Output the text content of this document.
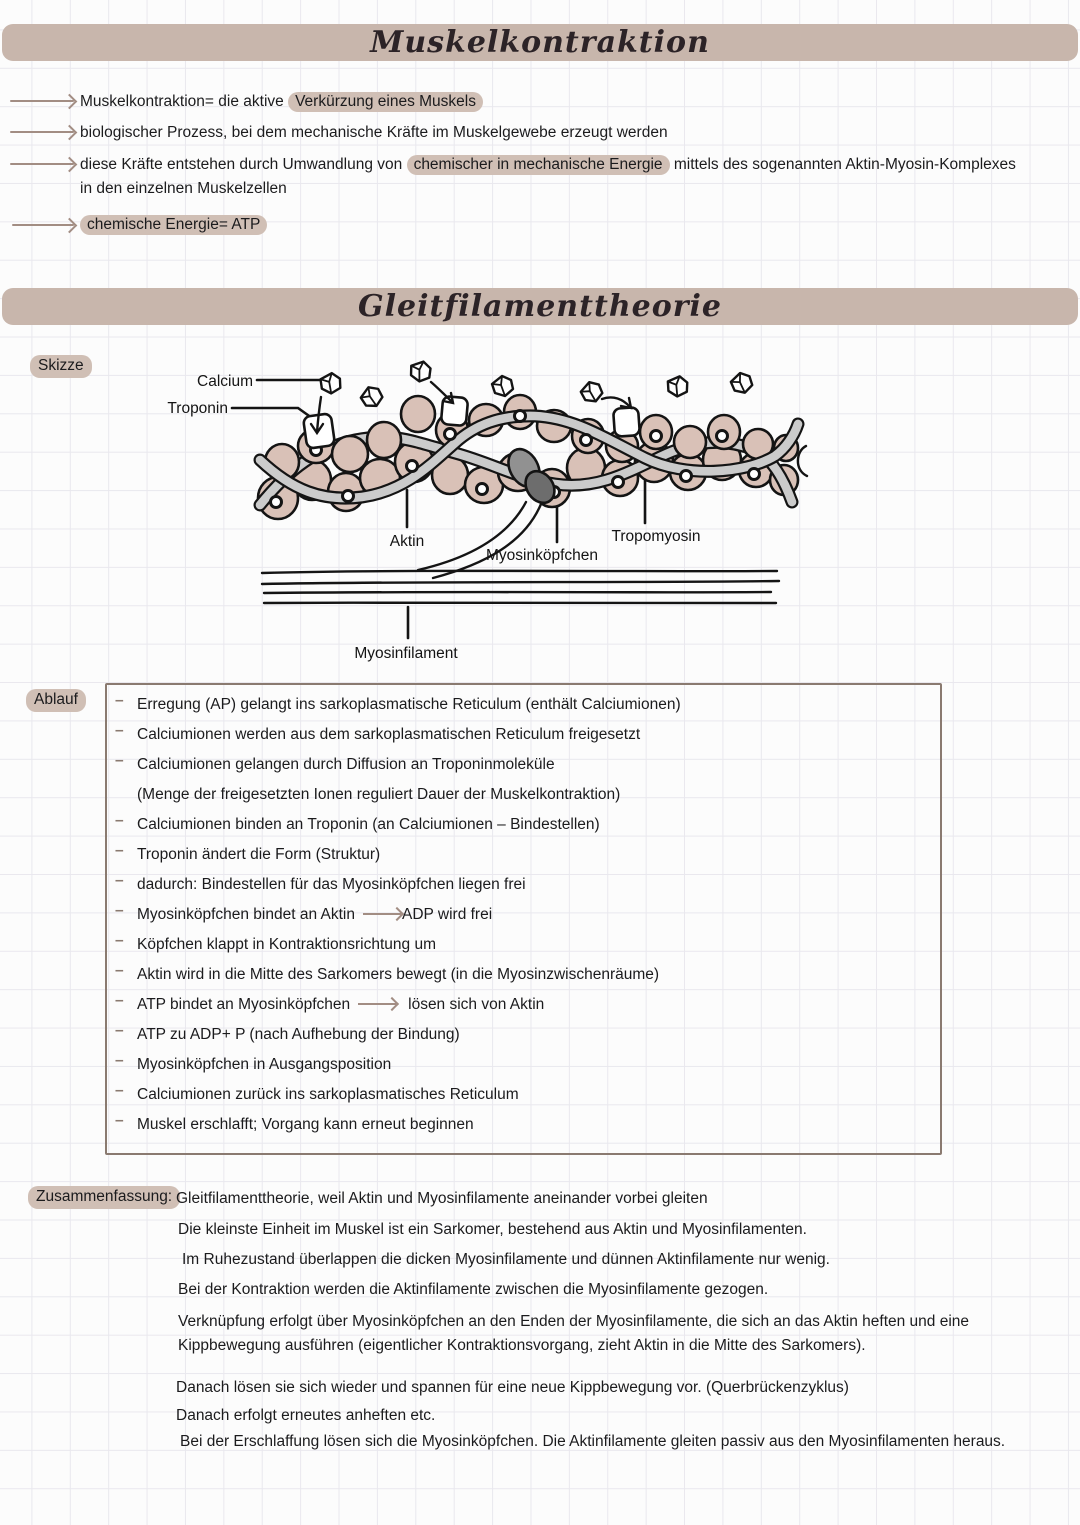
Muskelkontraktion
Muskelkontraktion= die aktive Verkürzung eines Muskels
biologischer Prozess, bei dem mechanische Kräfte im Muskelgewebe erzeugt werden
diese Kräfte entstehen durch Umwandlung von chemischer in mechanische Energie mittels des sogenannten Aktin-Myosin-Komplexes
in den einzelnen Muskelzellen
chemische Energie= ATP
Gleitfilamenttheorie
Skizze
Calcium
Troponin
Aktin
Myosinköpfchen
Tropomyosin
Myosinfilament
Ablauf	– Erregung (AP) gelangt ins sarkoplasmatische Reticulum (enthält Calciumionen)
– Calciumionen werden aus dem sarkoplasmatischen Reticulum freigesetzt
– Calciumionen gelangen durch Diffusion an Troponinmoleküle
(Menge der freigesetzten Ionen reguliert Dauer der Muskelkontraktion)
– Calciumionen binden an Troponin (an Calciumionen – Bindestellen)
– Troponin ändert die Form (Struktur)
– dadurch: Bindestellen für das Myosinköpfchen liegen frei
– Myosinköpfchen bindet an Aktin	ADP wird frei
– Köpfchen klappt in Kontraktionsrichtung um
– Aktin wird in die Mitte des Sarkomers bewegt (in die Myosinzwischenräume)
– ATP bindet an Myosinköpfchen	lösen sich von Aktin
– ATP zu ADP+ P (nach Aufhebung der Bindung)
– Myosinköpfchen in Ausgangsposition
– Calciumionen zurück ins sarkoplasmatisches Reticulum
– Muskel erschlafft; Vorgang kann erneut beginnen
Zusammenfassung: Gleitfilamenttheorie, weil Aktin und Myosinfilamente aneinander vorbei gleiten
Die kleinste Einheit im Muskel ist ein Sarkomer, bestehend aus Aktin und Myosinfilamenten.
Im Ruhezustand überlappen die dicken Myosinfilamente und dünnen Aktinfilamente nur wenig.
Bei der Kontraktion werden die Aktinfilamente zwischen die Myosinfilamente gezogen.
Verknüpfung erfolgt über Myosinköpfchen an den Enden der Myosinfilamente, die sich an das Aktin heften und eine
Kippbewegung ausführen (eigentlicher Kontraktionsvorgang, zieht Aktin in die Mitte des Sarkomers).
Danach lösen sie sich wieder und spannen für eine neue Kippbewegung vor. (Querbrückenzyklus)
Danach erfolgt erneutes anheften etc.
Bei der Erschlaffung lösen sich die Myosinköpfchen. Die Aktinfilamente gleiten passiv aus den Myosinfilamenten heraus.
